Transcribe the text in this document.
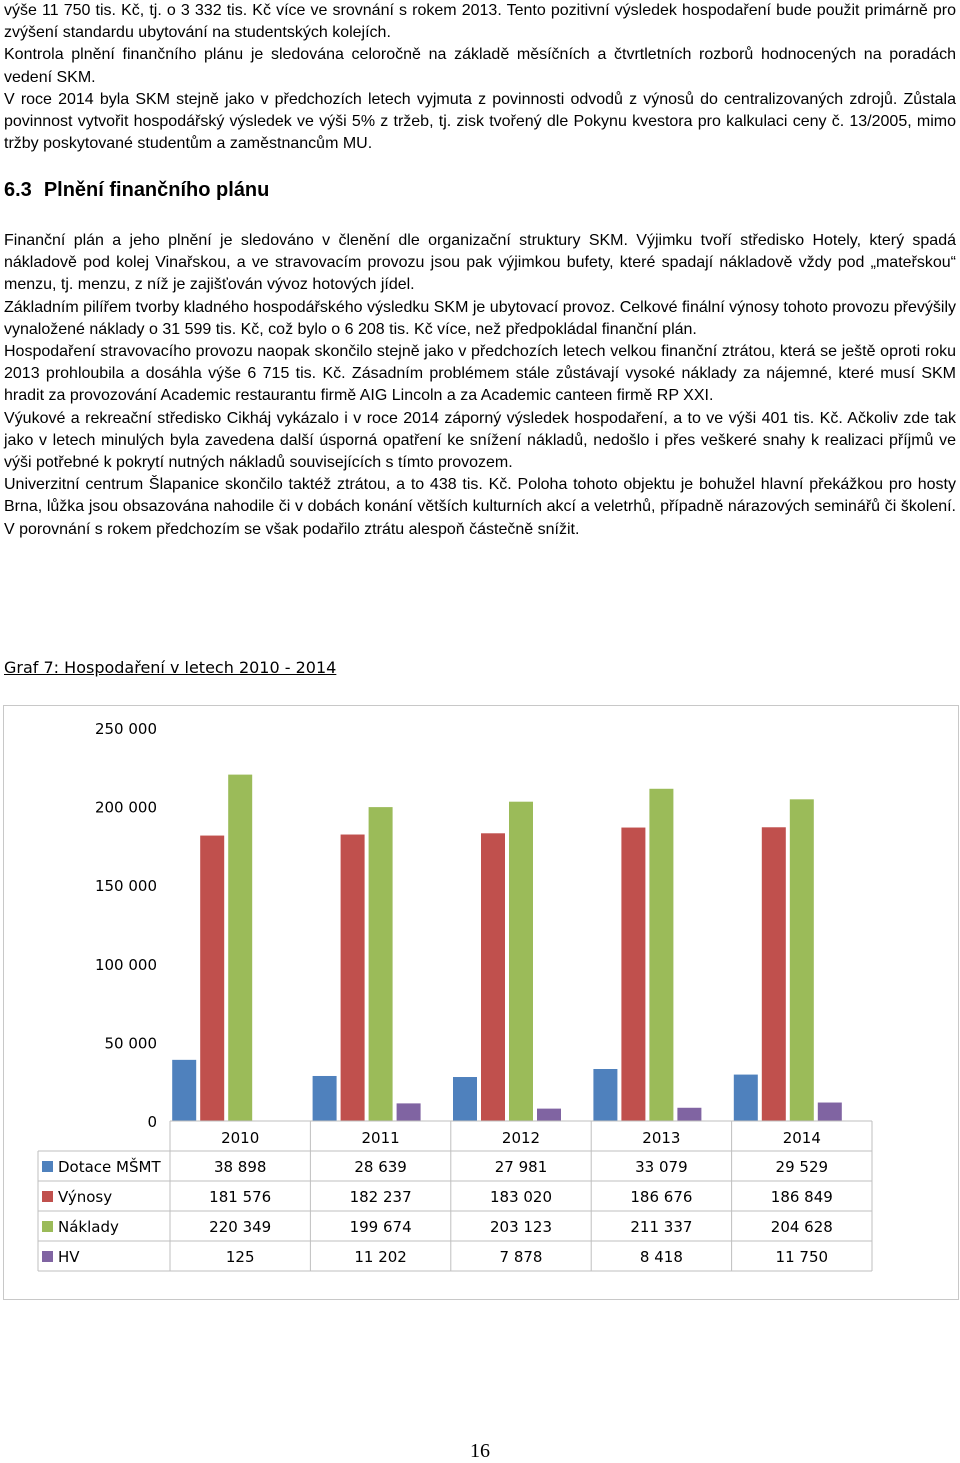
výše 11 750 tis. Kč, tj. o 3 332 tis. Kč více ve srovnání s rokem 2013. Tento pozitivní výsledek hospodaření bude použit primárně pro zvýšení standardu ubytování na studentských kolejích.

Kontrola plnění finančního plánu je sledována celoročně na základě měsíčních a čtvrtletních rozborů hodnocených na poradách vedení SKM.

V roce 2014 byla SKM stejně jako v předchozích letech vyjmuta z povinnosti odvodů z výnosů do centralizovaných zdrojů. Zůstala povinnost vytvořit hospodářský výsledek ve výši 5% z tržeb, tj. zisk tvořený dle Pokynu kvestora pro kalkulaci ceny č. 13/2005, mimo tržby poskytované studentům a zaměstnancům MU.

6.3 Plnění finančního plánu

Finanční plán a jeho plnění je sledováno v členění dle organizační struktury SKM. Výjimku tvoří středisko Hotely, který spadá nákladově pod kolej Vinařskou, a ve stravovacím provozu jsou pak výjimkou bufety, které spadají nákladově vždy pod „mateřskou“ menzu, tj. menzu, z níž je zajišťován vývoz hotových jídel.

Základním pilířem tvorby kladného hospodářského výsledku SKM je ubytovací provoz. Celkové finální výnosy tohoto provozu převýšily vynaložené náklady o 31 599 tis. Kč, což bylo o 6 208 tis. Kč více, než předpokládal finanční plán.

Hospodaření stravovacího provozu naopak skončilo stejně jako v předchozích letech velkou finanční ztrátou, která se ještě oproti roku 2013 prohloubila a dosáhla výše 6 715 tis. Kč. Zásadním problémem stále zůstávají vysoké náklady za nájemné, které musí SKM hradit za provozování Academic restaurantu firmě AIG Lincoln a za Academic canteen firmě RP XXI.

Výukové a rekreační středisko Cikháj vykázalo i v roce 2014 záporný výsledek hospodaření, a to ve výši 401 tis. Kč. Ačkoliv zde tak jako v letech minulých byla zavedena další úsporná opatření ke snížení nákladů, nedošlo i přes veškeré snahy k realizaci příjmů ve výši potřebné k pokrytí nutných nákladů souvisejících s tímto provozem.

Univerzitní centrum Šlapanice skončilo taktéž ztrátou, a to 438 tis. Kč. Poloha tohoto objektu je bohužel hlavní překážkou pro hosty Brna, lůžka jsou obsazována nahodile či v dobách konání větších kulturních akcí a veletrhů, případně nárazových seminářů či školení. V porovnání s rokem předchozím se však podařilo ztrátu alespoň částečně snížit.

Graf 7: Hospodaření v letech 2010 - 2014
0
50 000
100 000
150 000
200 000
250 000
2010	2011	2012	2013	2014
Dotace MŠMT	38 898	28 639	27 981	33 079	29 529
Výnosy	181 576	182 237	183 020	186 676	186 849
Náklady	220 349	199 674	203 123	211 337	204 628
HV	125	11 202	7 878	8 418	11 750
16
